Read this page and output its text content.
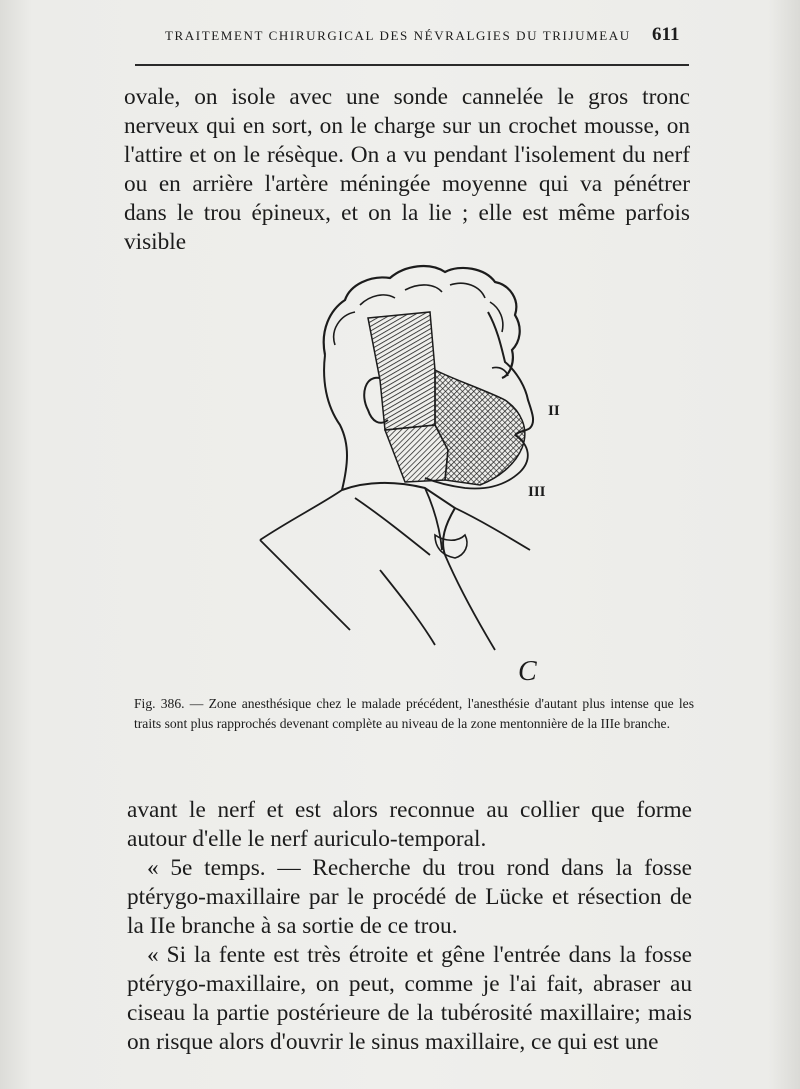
TRAITEMENT CHIRURGICAL DES NÉVRALGIES DU TRIJUMEAU	611

ovale, on isole avec une sonde cannelée le gros tronc nerveux qui en sort, on le charge sur un crochet mousse, on l'attire et on le résèque. On a vu pendant l'isolement du nerf ou en arrière l'artère méningée moyenne qui va pénétrer dans le trou épineux, et on la lie ; elle est même parfois visible

II
III
C
Fig. 386. — Zone anesthésique chez le malade précédent, l'anesthésie d'autant plus intense que les traits sont plus rapprochés devenant complète au niveau de la zone mentonnière de la IIIe branche.

avant le nerf et est alors reconnue au collier que forme autour d'elle le nerf auriculo-temporal.

« 5e temps. — Recherche du trou rond dans la fosse ptérygo-maxillaire par le procédé de Lücke et résection de la IIe branche à sa sortie de ce trou.

« Si la fente est très étroite et gêne l'entrée dans la fosse ptérygo-maxillaire, on peut, comme je l'ai fait, abraser au ciseau la partie postérieure de la tubérosité maxillaire; mais on risque alors d'ouvrir le sinus maxillaire, ce qui est une
